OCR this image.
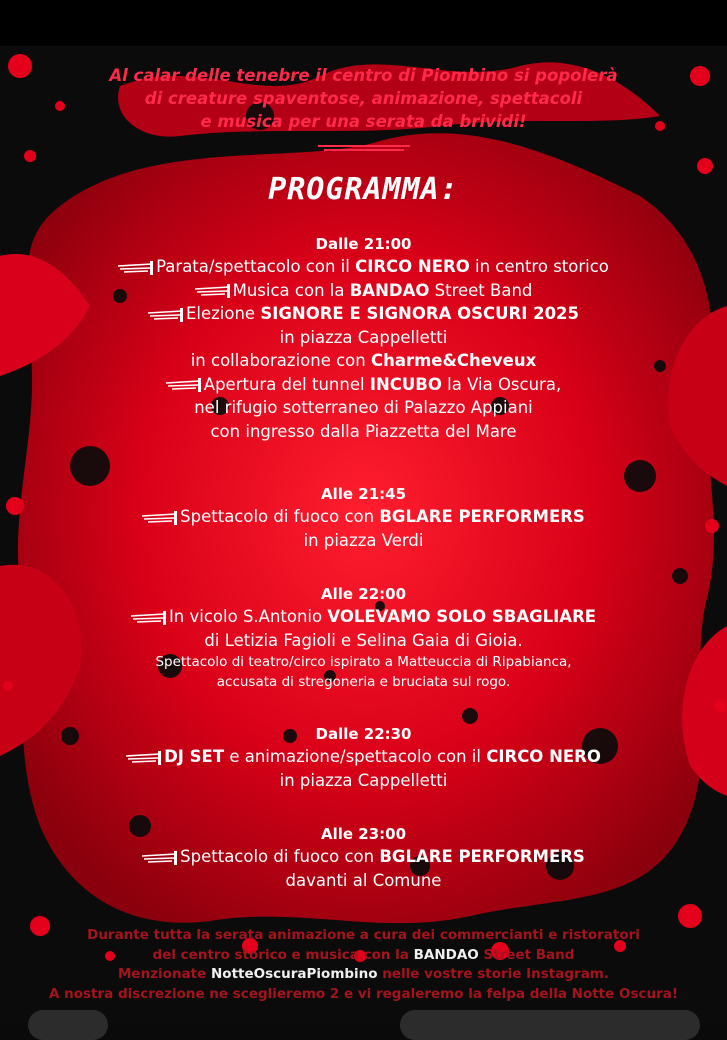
Al calar delle tenebre il centro di Piombino si popolerà
di creature spaventose, animazione, spettacoli
e musica per una serata da brividi!

PROGRAMMA:
Dalle 21:00
Parata/spettacolo con il CIRCO NERO in centro storico
Musica con la BANDAO Street Band
Elezione SIGNORE E SIGNORA OSCURI 2025
in piazza Cappelletti
in collaborazione con Charme&Cheveux
Apertura del tunnel INCUBO la Via Oscura,
nel rifugio sotterraneo di Palazzo Appiani
con ingresso dalla Piazzetta del Mare
Alle 21:45
Spettacolo di fuoco con BGLARE PERFORMERS
in piazza Verdi
Alle 22:00
In vicolo S.Antonio VOLEVAMO SOLO SBAGLIARE
di Letizia Fagioli e Selina Gaia di Gioia.
Spettacolo di teatro/circo ispirato a Matteuccia di Ripabianca,
accusata di stregoneria e bruciata sul rogo.
Dalle 22:30
DJ SET e animazione/spettacolo con il CIRCO NERO
in piazza Cappelletti
Alle 23:00
Spettacolo di fuoco con BGLARE PERFORMERS
davanti al Comune

Durante tutta la serata animazione a cura dei commercianti e ristoratori
del centro storico e musica con la BANDAO Street Band
Menzionate NotteOscuraPiombino nelle vostre storie Instagram.
A nostra discrezione ne sceglieremo 2 e vi regaleremo la felpa della Notte Oscura!
